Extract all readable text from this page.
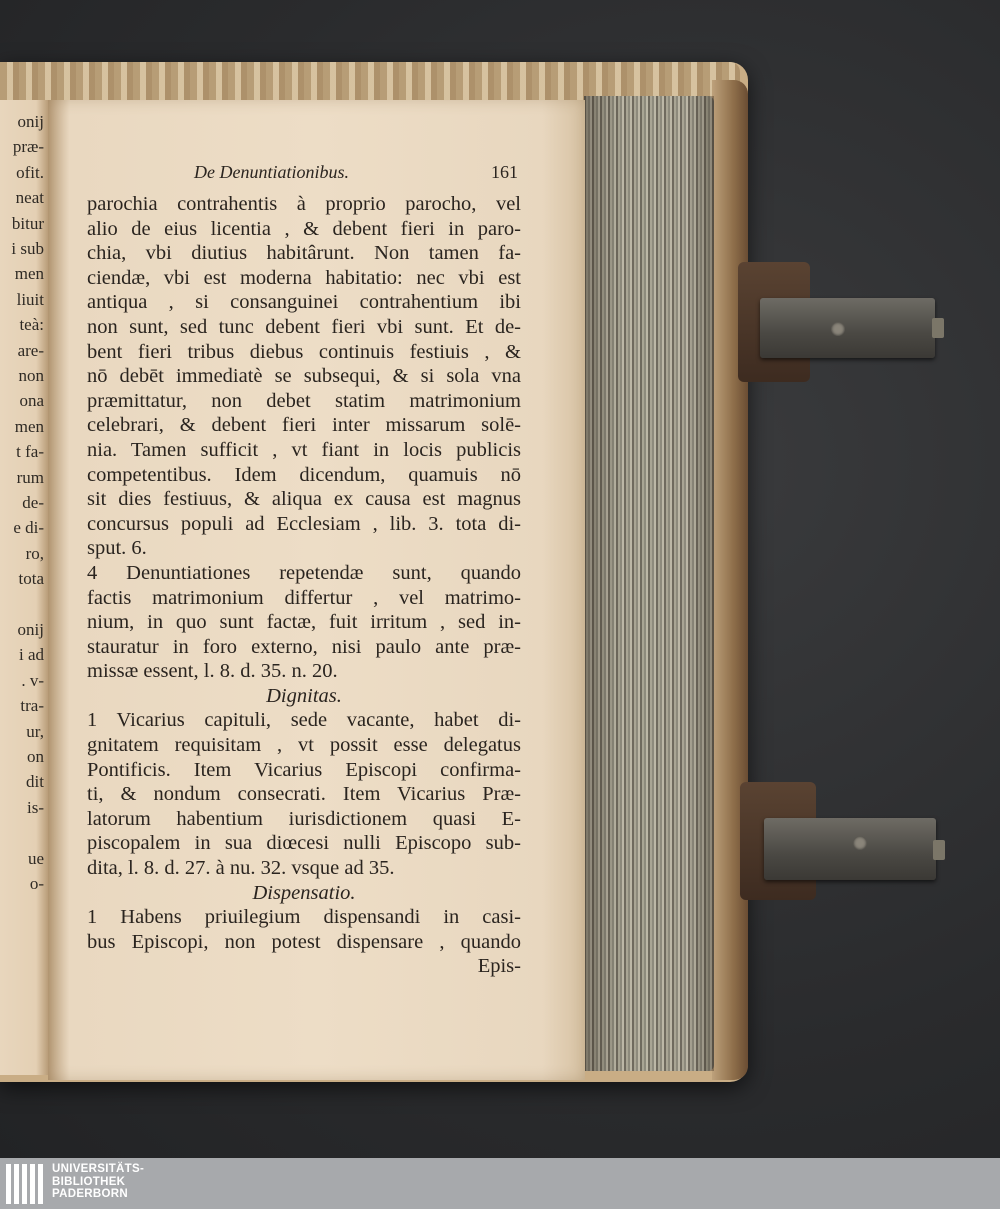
onij
præ-
ofit.
neat
bitur
i sub
men
liuit
teà:
are-
non
ona
men
t fa-
rum
de-
e di-
ro,
tota
onij
i ad
. v-
tra-
ur,
on
dit
is-
ue
o-
De Denuntiationibus.	161
parochia contrahentis à proprio parocho, vel
alio de eius licentia , & debent fieri in paro-
chia, vbi diutius habitârunt. Non tamen fa-
ciendæ, vbi est moderna habitatio: nec vbi est
antiqua , si consanguinei contrahentium ibi
non sunt, sed tunc debent fieri vbi sunt. Et de-
bent fieri tribus diebus continuis festiuis , &
nō debēt immediatè se subsequi, & si sola vna
præmittatur, non debet statim matrimonium
celebrari, & debent fieri inter missarum solē-
nia. Tamen sufficit , vt fiant in locis publicis
competentibus. Idem dicendum, quamuis nō
sit dies festiuus, & aliqua ex causa est magnus
concursus populi ad Ecclesiam , lib. 3. tota di-
sput. 6.
4 Denuntiationes repetendæ sunt, quando
factis matrimonium differtur , vel matrimo-
nium, in quo sunt factæ, fuit irritum , sed in-
stauratur in foro externo, nisi paulo ante præ-
missæ essent, l. 8. d. 35. n. 20.
Dignitas.
1 Vicarius capituli, sede vacante, habet di-
gnitatem requisitam , vt possit esse delegatus
Pontificis. Item Vicarius Episcopi confirma-
ti, & nondum consecrati. Item Vicarius Præ-
latorum habentium iurisdictionem quasi E-
piscopalem in sua diœcesi nulli Episcopo sub-
dita, l. 8. d. 27. à nu. 32. vsque ad 35.
Dispensatio.
1 Habens priuilegium dispensandi in casi-
bus Episcopi, non potest dispensare , quando
Epis-
UNIVERSITÄTS-
BIBLIOTHEK
PADERBORN
